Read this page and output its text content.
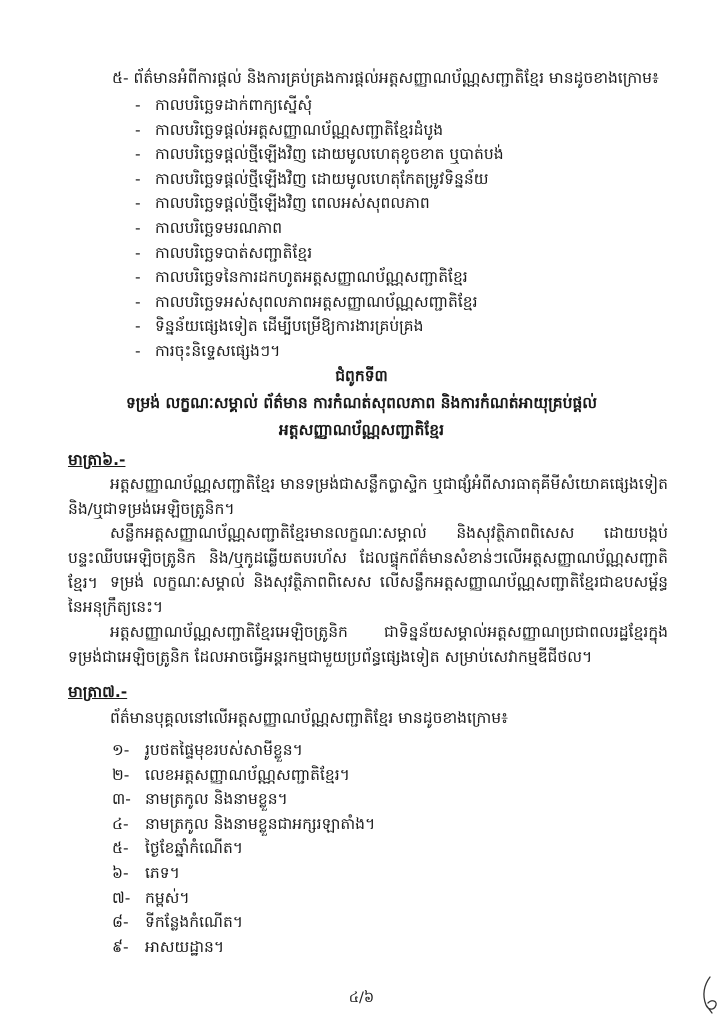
៥- ព័ត៌មានអំពីការផ្ដល់ និងការគ្រប់គ្រងការផ្ដល់អត្តសញ្ញាណប័ណ្ណសញ្ជាតិខ្មែរ មានដូចខាងក្រោម៖
- កាលបរិច្ឆេទដាក់ពាក្យស្នើសុំ
- កាលបរិច្ឆេទផ្ដល់អត្តសញ្ញាណប័ណ្ណសញ្ជាតិខ្មែរដំបូង
- កាលបរិច្ឆេទផ្ដល់ថ្មីឡើងវិញ ដោយមូលហេតុខូចខាត ឬបាត់បង់
- កាលបរិច្ឆេទផ្ដល់ថ្មីឡើងវិញ ដោយមូលហេតុកែតម្រូវទិន្នន័យ
- កាលបរិច្ឆេទផ្ដល់ថ្មីឡើងវិញ ពេលអស់សុពលភាព
- កាលបរិច្ឆេទមរណភាព
- កាលបរិច្ឆេទបាត់សញ្ជាតិខ្មែរ
- កាលបរិច្ឆេទនៃការដកហូតអត្តសញ្ញាណប័ណ្ណសញ្ជាតិខ្មែរ
- កាលបរិច្ឆេទអស់សុពលភាពអត្តសញ្ញាណប័ណ្ណសញ្ជាតិខ្មែរ
- ទិន្នន័យផ្សេងទៀត ដើម្បីបម្រើឱ្យការងារគ្រប់គ្រង
- ការចុះនិទ្ទេសផ្សេងៗ។
ជំពូកទី៣
ទម្រង់ លក្ខណៈសម្គាល់ ព័ត៌មាន ការកំណត់សុពលភាព និងការកំណត់អាយុគ្រប់ផ្ដល់
អត្តសញ្ញាណប័ណ្ណសញ្ជាតិខ្មែរ
មាត្រា៦.-
អត្តសញ្ញាណប័ណ្ណសញ្ជាតិខ្មែរ មានទម្រង់ជាសន្លឹកប្លាស្ទិក ឬជាផ្សំអំពីសារធាតុគីមីសំយោគផ្សេងទៀត និង/ឬជាទម្រង់អេឡិចត្រូនិក។
សន្លឹកអត្តសញ្ញាណប័ណ្ណសញ្ជាតិខ្មែរមានលក្ខណៈសម្គាល់ និងសុវត្ថិភាពពិសេស ដោយបង្កប់បន្ទះឈីបអេឡិចត្រូនិក និង/ឬកូដឆ្លើយតបរហ័ស ដែលផ្ទុកព័ត៌មានសំខាន់ៗលើអត្តសញ្ញាណប័ណ្ណសញ្ជាតិខ្មែរ។ ទម្រង់ លក្ខណៈសម្គាល់ និងសុវត្ថិភាពពិសេស លើសន្លឹកអត្តសញ្ញាណប័ណ្ណសញ្ជាតិខ្មែរជាឧបសម្ព័ន្ធនៃអនុក្រឹត្យនេះ។
អត្តសញ្ញាណប័ណ្ណសញ្ជាតិខ្មែរអេឡិចត្រូនិក ជាទិន្នន័យសម្គាល់អត្តសញ្ញាណប្រជាពលរដ្ឋខ្មែរក្នុងទម្រង់ជាអេឡិចត្រូនិក ដែលអាចធ្វើអន្តរកម្មជាមួយប្រព័ន្ធផ្សេងទៀត សម្រាប់សេវាកម្មឌីជីថល។
មាត្រា៧.-
ព័ត៌មានបុគ្គលនៅលើអត្តសញ្ញាណប័ណ្ណសញ្ជាតិខ្មែរ មានដូចខាងក្រោម៖
១- រូបថតផ្ទៃមុខរបស់សាមីខ្លួន។
២- លេខអត្តសញ្ញាណប័ណ្ណសញ្ជាតិខ្មែរ។
៣- នាមត្រកូល និងនាមខ្លួន។
៤- នាមត្រកូល និងនាមខ្លួនជាអក្សរឡាតាំង។
៥- ថ្ងៃខែឆ្នាំកំណើត។
៦- ភេទ។
៧- កម្ពស់។
៨- ទីកន្លែងកំណើត។
៩- អាសយដ្ឋាន។
៤/៦
